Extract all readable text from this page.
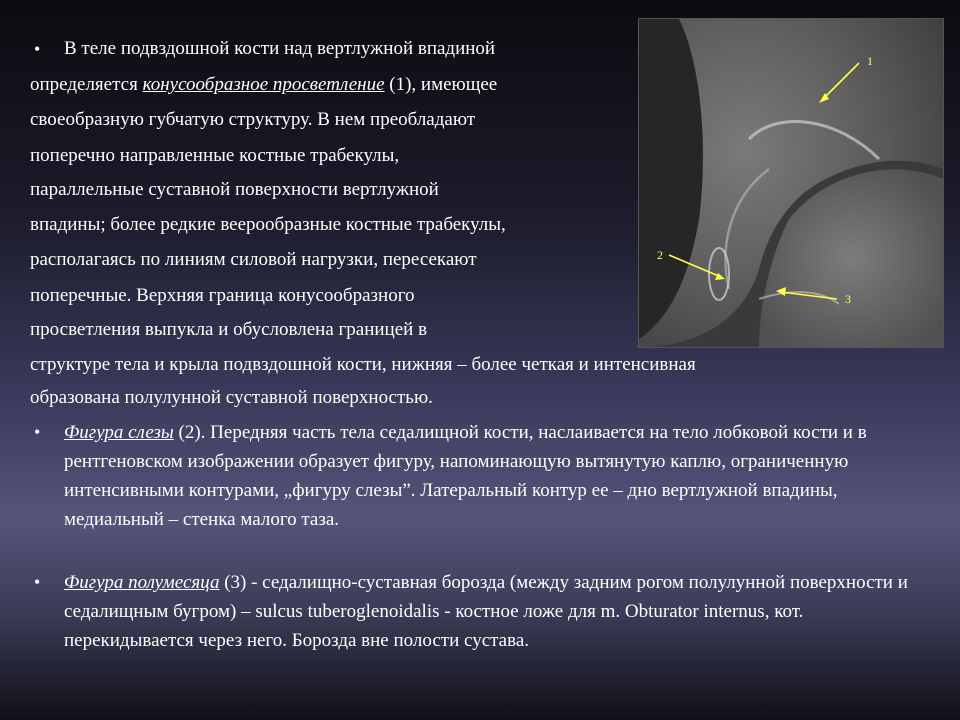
1
2
3
• В теле подвздошной кости над вертлужной впадиной
определяется конусообразное просветление (1), имеющее
своеобразную губчатую структуру. В нем преобладают
поперечно направленные костные трабекулы,
параллельные суставной поверхности вертлужной
впадины; более редкие веерообразные костные трабекулы,
располагаясь по линиям силовой нагрузки, пересекают
поперечные. Верхняя граница конусообразного
просветления выпукла и обусловлена границей в
структуре тела и крыла подвздошной кости, нижняя – более четкая и интенсивная
образована полулунной суставной поверхностью.
• Фигура слезы (2). Передняя часть тела седалищной кости, наслаивается на тело лобковой кости и в рентгеновском изображении образует фигуру, напоминающую вытянутую каплю, ограниченную интенсивными контурами, „фигуру слезы”. Латеральный контур ее – дно вертлужной впадины, медиальный – стенка малого таза.
• Фигура полумесяца (3) - седалищно-суставная борозда (между задним рогом полулунной поверхности и седалищным бугром) – sulcus tuberoglenoidalis - костное ложе для m. Obturator internus, кот. перекидывается через него. Борозда вне полости сустава.
